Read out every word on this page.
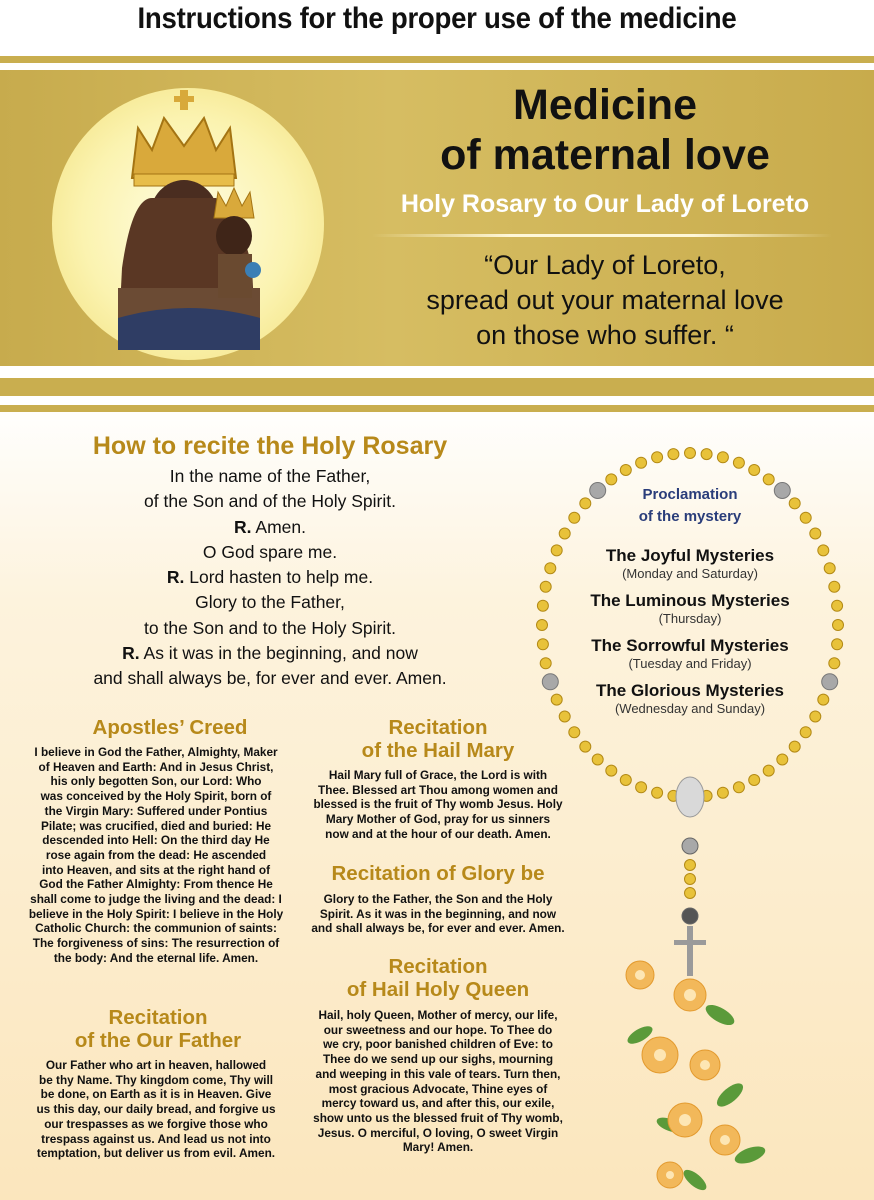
Instructions for the proper use of the medicine
Medicine
of maternal love
Holy Rosary to Our Lady of Loreto
“Our Lady of Loreto,
spread out your maternal love
on those who suffer. “
How to recite the Holy Rosary
In the name of the Father,
of the Son and of the Holy Spirit.
R. Amen.
O God spare me.
R. Lord hasten to help me.
Glory to the Father,
to the Son and to the Holy Spirit.
R. As it was in the beginning, and now
and shall always be, for ever and ever. Amen.
Apostles’ Creed
I believe in God the Father, Almighty, Maker
of Heaven and Earth: And in Jesus Christ,
his only begotten Son, our Lord: Who
was conceived by the Holy Spirit, born of
the Virgin Mary: Suffered under Pontius
Pilate; was crucified, died and buried: He
descended into Hell: On the third day He
rose again from the dead: He ascended
into Heaven, and sits at the right hand of
God the Father Almighty: From thence He
shall come to judge the living and the dead: I
believe in the Holy Spirit: I believe in the Holy
Catholic Church: the communion of saints:
The forgiveness of sins: The resurrection of
the body: And the eternal life. Amen.
Recitation
of the Our Father
Our Father who art in heaven, hallowed
be thy Name. Thy kingdom come, Thy will
be done, on Earth as it is in Heaven. Give
us this day, our daily bread, and forgive us
our trespasses as we forgive those who
trespass against us. And lead us not into
temptation, but deliver us from evil. Amen.
Recitation
of the Hail Mary
Hail Mary full of Grace, the Lord is with
Thee. Blessed art Thou among women and
blessed is the fruit of Thy womb Jesus. Holy
Mary Mother of God, pray for us sinners
now and at the hour of our death. Amen.
Recitation of Glory be
Glory to the Father, the Son and the Holy
Spirit. As it was in the beginning, and now
and shall always be, for ever and ever. Amen.
Recitation
of Hail Holy Queen
Hail, holy Queen, Mother of mercy, our life,
our sweetness and our hope. To Thee do
we cry, poor banished children of Eve: to
Thee do we send up our sighs, mourning
and weeping in this vale of tears. Turn then,
most gracious Advocate, Thine eyes of
mercy toward us, and after this, our exile,
show unto us the blessed fruit of Thy womb,
Jesus. O merciful, O loving, O sweet Virgin
Mary! Amen.
Proclamation
of the mystery
The Joyful Mysteries
(Monday and Saturday)
The Luminous Mysteries
(Thursday)
The Sorrowful Mysteries
(Tuesday and Friday)
The Glorious Mysteries
(Wednesday and Sunday)
